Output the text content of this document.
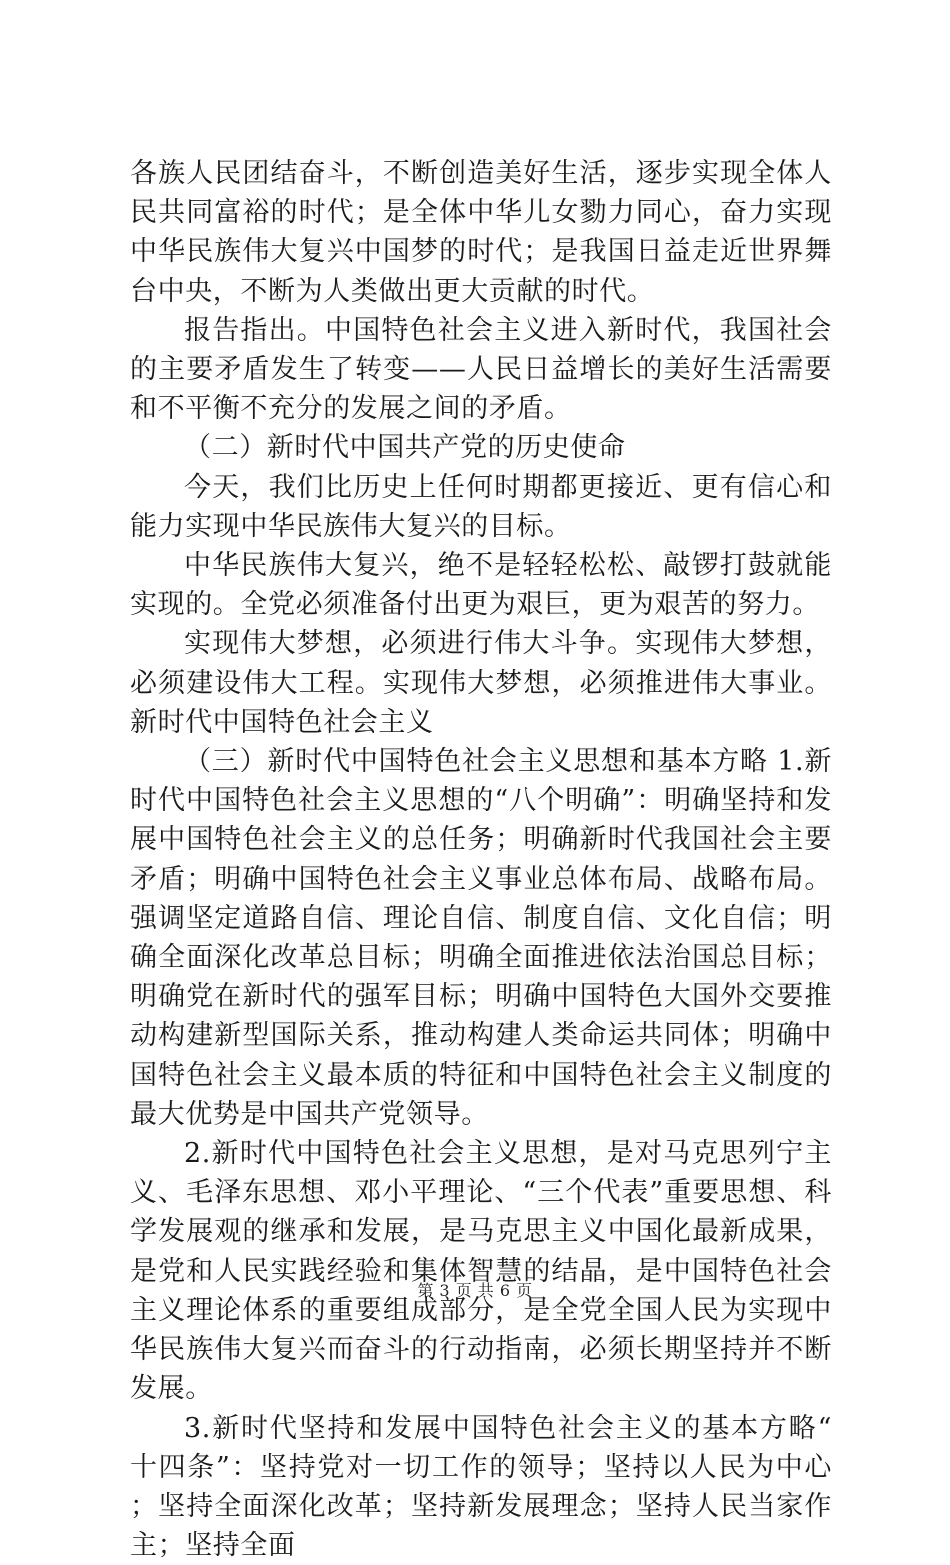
各族人民团结奋斗，不断创造美好生活，逐步实现全体人民共同富裕的时代；是全体中华儿女勠力同心，奋力实现中华民族伟大复兴中国梦的时代；是我国日益走近世界舞台中央，不断为人类做出更大贡献的时代。

报告指出。中国特色社会主义进入新时代，我国社会的主要矛盾发生了转变——人民日益增长的美好生活需要和不平衡不充分的发展之间的矛盾。

（二）新时代中国共产党的历史使命

今天，我们比历史上任何时期都更接近、更有信心和能力实现中华民族伟大复兴的目标。

中华民族伟大复兴，绝不是轻轻松松、敲锣打鼓就能实现的。全党必须准备付出更为艰巨，更为艰苦的努力。

实现伟大梦想，必须进行伟大斗争。实现伟大梦想，必须建设伟大工程。实现伟大梦想，必须推进伟大事业。新时代中国特色社会主义

（三）新时代中国特色社会主义思想和基本方略 1.新时代中国特色社会主义思想的“八个明确”：明确坚持和发展中国特色社会主义的总任务；明确新时代我国社会主要矛盾；明确中国特色社会主义事业总体布局、战略布局。强调坚定道路自信、理论自信、制度自信、文化自信；明确全面深化改革总目标；明确全面推进依法治国总目标；明确党在新时代的强军目标；明确中国特色大国外交要推动构建新型国际关系，推动构建人类命运共同体；明确中国特色社会主义最本质的特征和中国特色社会主义制度的最大优势是中国共产党领导。

2.新时代中国特色社会主义思想，是对马克思列宁主义、毛泽东思想、邓小平理论、“三个代表”重要思想、科学发展观的继承和发展，是马克思主义中国化最新成果，是党和人民实践经验和集体智慧的结晶，是中国特色社会主义理论体系的重要组成部分，是全党全国人民为实现中华民族伟大复兴而奋斗的行动指南，必须长期坚持并不断发展。

3.新时代坚持和发展中国特色社会主义的基本方略“十四条”：坚持党对一切工作的领导；坚持以人民为中心；坚持全面深化改革；坚持新发展理念；坚持人民当家作主；坚持全面

第 3 页 共 6 页
